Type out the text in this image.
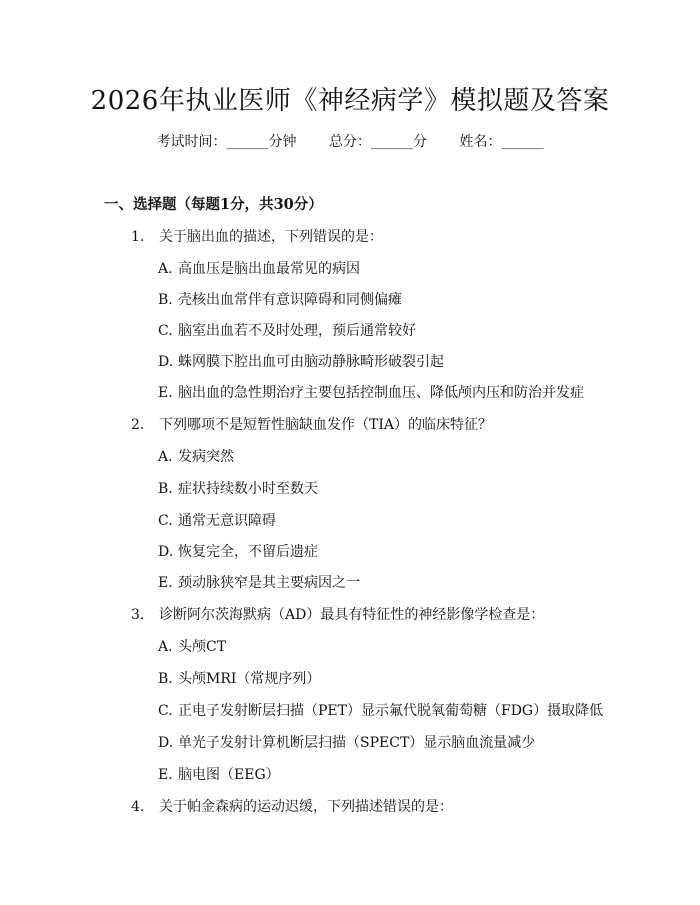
2026年执业医师《神经病学》模拟题及答案
考试时间：______分钟 总分：______分 姓名：______
一、选择题（每题1分，共30分）
1. 关于脑出血的描述，下列错误的是：
A. 高血压是脑出血最常见的病因
B. 壳核出血常伴有意识障碍和同侧偏瘫
C. 脑室出血若不及时处理，预后通常较好
D. 蛛网膜下腔出血可由脑动静脉畸形破裂引起
E. 脑出血的急性期治疗主要包括控制血压、降低颅内压和防治并发症
2. 下列哪项不是短暂性脑缺血发作（TIA）的临床特征？
A. 发病突然
B. 症状持续数小时至数天
C. 通常无意识障碍
D. 恢复完全，不留后遗症
E. 颈动脉狭窄是其主要病因之一
3. 诊断阿尔茨海默病（AD）最具有特征性的神经影像学检查是：
A. 头颅CT
B. 头颅MRI（常规序列）
C. 正电子发射断层扫描（PET）显示氟代脱氧葡萄糖（FDG）摄取降低
D. 单光子发射计算机断层扫描（SPECT）显示脑血流量减少
E. 脑电图（EEG）
4. 关于帕金森病的运动迟缓，下列描述错误的是：
